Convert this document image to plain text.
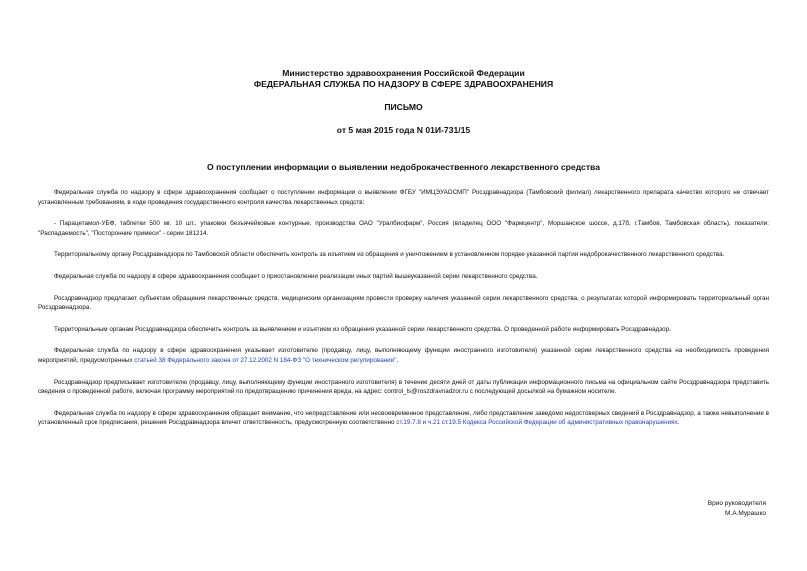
Министерство здравоохранения Российской Федерации
ФЕДЕРАЛЬНАЯ СЛУЖБА ПО НАДЗОРУ В СФЕРЕ ЗДРАВООХРАНЕНИЯ
ПИСЬМО
от 5 мая 2015 года N 01И-731/15
О поступлении информации о выявлении недоброкачественного лекарственного средства

Федеральная служба по надзору в сфере здравоохранения сообщает о поступлении информации о выявлении ФГБУ "ИМЦЭУАОСМП" Росздравнадзора (Тамбовский филиал) лекарственного препарата качество которого не отвечает установленным требованиям, в ходе проведения государственного контроля качества лекарственных средств:

- Парацетамол-УБФ, таблетки 500 мг. 10 шт., упаковки безъячейковые контурные, производства ОАО "Уралбиофарм", Россия (владелец ООО "Фармцентр", Моршанское шоссе, д.17б, г.Тамбов, Тамбовская область), показатели: "Распадаемость", "Посторонние примеси" - серии 181214.

Территориальному органу Росздравнадзора по Тамбовской области обеспечить контроль за изъятием из обращения и уничтожением в установленном порядке указанной партии недоброкачественного лекарственного средства.

Федеральная служба по надзору в сфере здравоохранения сообщает о приостановлении реализации иных партий вышеуказанной серии лекарственного средства.

Росздравнадзор предлагает субъектам обращения лекарственных средств, медицинским организациям провести проверку наличия указанной серии лекарственного средства, о результатах которой информировать территориальный орган Росздравнадзора.

Территориальным органам Росздравнадзора обеспечить контроль за выявлением и изъятием из обращения указанной серии лекарственного средства. О проведенной работе информировать Росздравнадзор.

Федеральная служба по надзору в сфере здравоохранения указывает изготовителю (продавцу, лицу, выполняющему функции иностранного изготовителя) указанной серии лекарственного средства на необходимость проведения мероприятий, предусмотренных статьей 38 Федерального закона от 27.12.2002 N 184-ФЗ "О техническом регулировании".

Росздравнадзор предписывает изготовителю (продавцу, лицу, выполняющему функции иностранного изготовителя) в течение десяти дней от даты публикации информационного письма на официальном сайте Росздравнадзора представить сведения о проведенной работе, включая программу мероприятий по предотвращению причинения вреда, на адрес: control_ls@roszdravnadzor.ru с последующей досылкой на бумажном носителе.

Федеральная служба по надзору в сфере здравоохранения обращает внимание, что непредставление или несвоевременное представление, либо представление заведомо недостоверных сведений в Росздравнадзор, а также невыполнение в установленный срок предписания, решения Росздравнадзора влечет ответственность, предусмотренную соответственно ст.19.7.8 и ч.21 ст.19.5 Кодекса Российской Федерации об административных правонарушениях.

Врио руководителя
М.А.Мурашко
